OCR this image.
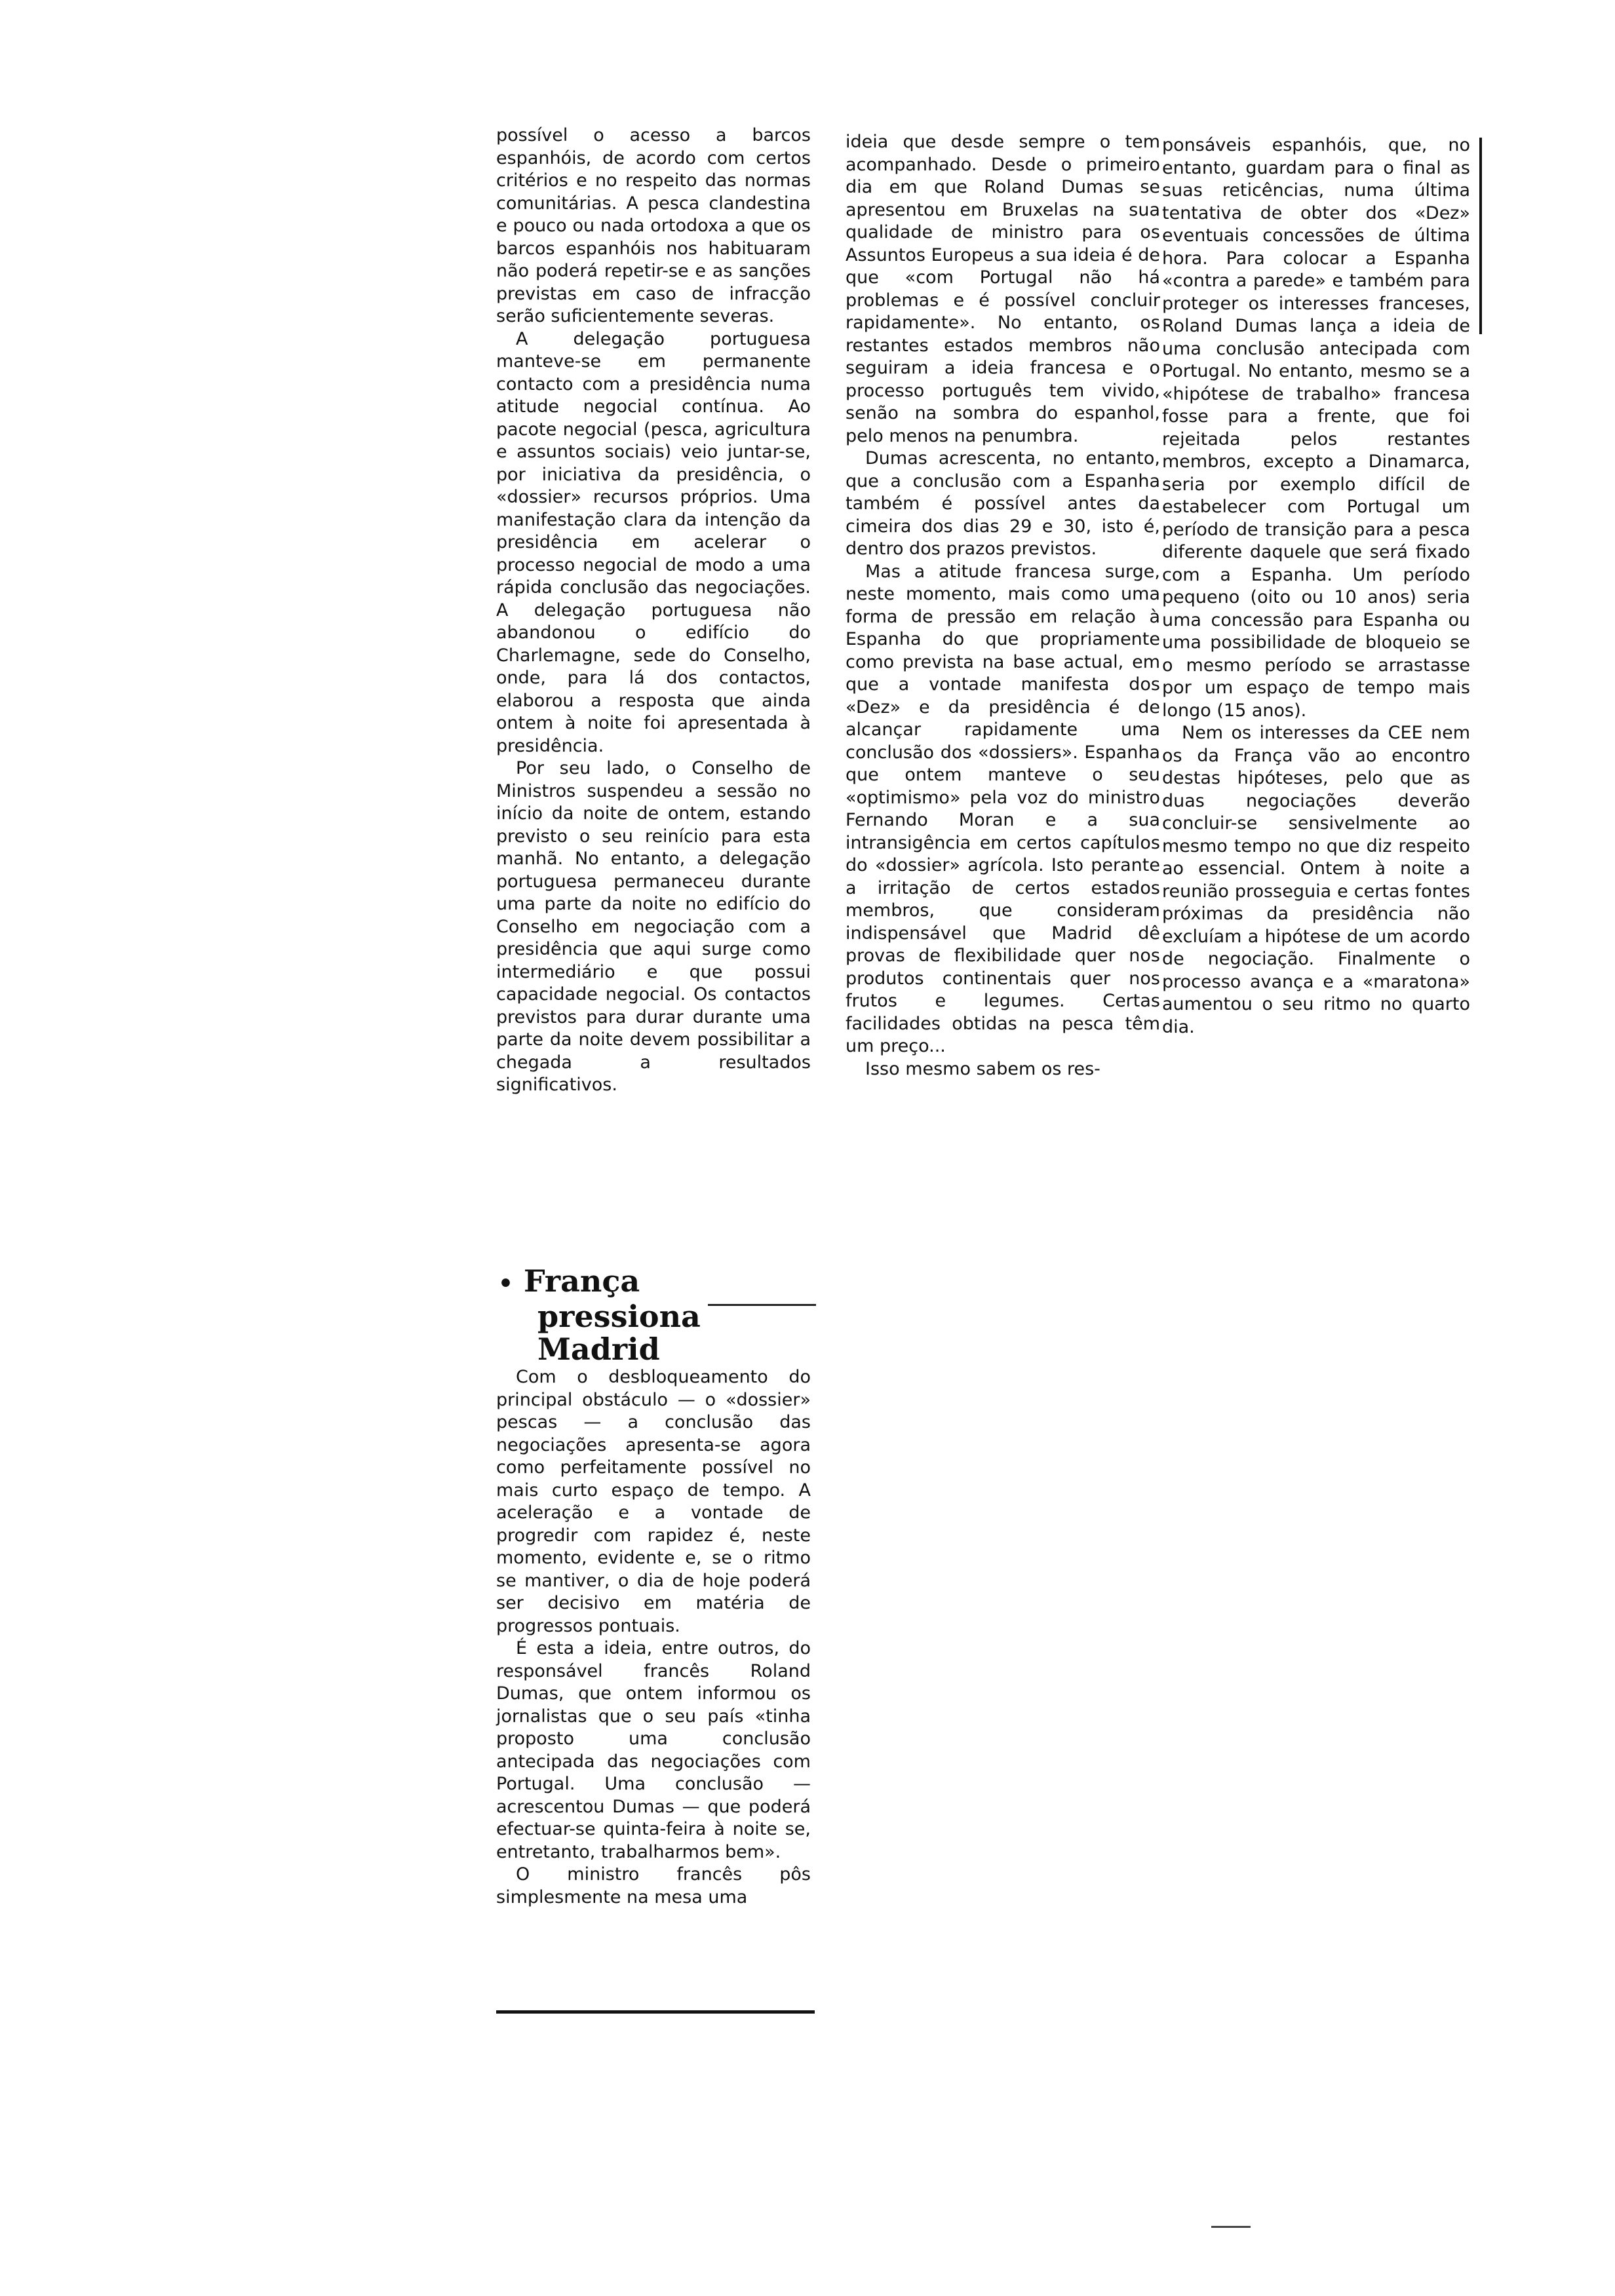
possível o acesso a barcos espanhóis, de acordo com certos critérios e no respeito das normas comunitárias. A pesca clandestina e pouco ou nada ortodoxa a que os barcos espanhóis nos habituaram não poderá repetir-se e as sanções previstas em caso de infracção serão suficientemente severas.

A delegação portuguesa manteve-se em permanente contacto com a presidência numa atitude negocial contínua. Ao pacote negocial (pesca, agricultura e assuntos sociais) veio juntar-se, por iniciativa da presidência, o «dossier» recursos próprios. Uma manifestação clara da intenção da presidência em acelerar o processo negocial de modo a uma rápida conclusão das negociações. A delegação portuguesa não abandonou o edifício do Charlemagne, sede do Conselho, onde, para lá dos contactos, elaborou a resposta que ainda ontem à noite foi apresentada à presidência.

Por seu lado, o Conselho de Ministros suspendeu a sessão no início da noite de ontem, estando previsto o seu reinício para esta manhã. No entanto, a delegação portuguesa permaneceu durante uma parte da noite no edifício do Conselho em negociação com a presidência que aqui surge como intermediário e que possui capacidade negocial. Os contactos previstos para durar durante uma parte da noite devem possibilitar a chegada a resultados significativos.

• França
pressiona
Madrid

Com o desbloqueamento do principal obstáculo — o «dossier» pescas — a conclusão das negociações apresenta-se agora como perfeitamente possível no mais curto espaço de tempo. A aceleração e a vontade de progredir com rapidez é, neste momento, evidente e, se o ritmo se mantiver, o dia de hoje poderá ser decisivo em matéria de progressos pontuais.

É esta a ideia, entre outros, do responsável francês Roland Dumas, que ontem informou os jornalistas que o seu país «tinha proposto uma conclusão antecipada das negociações com Portugal. Uma conclusão — acrescentou Dumas — que poderá efectuar-se quinta-feira à noite se, entretanto, trabalharmos bem».

O ministro francês pôs simplesmente na mesa uma

ideia que desde sempre o tem acompanhado. Desde o primeiro dia em que Roland Dumas se apresentou em Bruxelas na sua qualidade de ministro para os Assuntos Europeus a sua ideia é de que «com Portugal não há problemas e é possível concluir rapidamente». No entanto, os restantes estados membros não seguiram a ideia francesa e o processo português tem vivido, senão na sombra do espanhol, pelo menos na penumbra.

Dumas acrescenta, no entanto, que a conclusão com a Espanha também é possível antes da cimeira dos dias 29 e 30, isto é, dentro dos prazos previstos.

Mas a atitude francesa surge, neste momento, mais como uma forma de pressão em relação à Espanha do que propriamente como prevista na base actual, em que a vontade manifesta dos «Dez» e da presidência é de alcançar rapidamente uma conclusão dos «dossiers». Espanha que ontem manteve o seu «optimismo» pela voz do ministro Fernando Moran e a sua intransigência em certos capítulos do «dossier» agrícola. Isto perante a irritação de certos estados membros, que consideram indispensável que Madrid dê provas de flexibilidade quer nos produtos continentais quer nos frutos e legumes. Certas facilidades obtidas na pesca têm um preço...

Isso mesmo sabem os res-

ponsáveis espanhóis, que, no entanto, guardam para o final as suas reticências, numa última tentativa de obter dos «Dez» eventuais concessões de última hora. Para colocar a Espanha «contra a parede» e também para proteger os interesses franceses, Roland Dumas lança a ideia de uma conclusão antecipada com Portugal. No entanto, mesmo se a «hipótese de trabalho» francesa fosse para a frente, que foi rejeitada pelos restantes membros, excepto a Dinamarca, seria por exemplo difícil de estabelecer com Portugal um período de transição para a pesca diferente daquele que será fixado com a Espanha. Um período pequeno (oito ou 10 anos) seria uma concessão para Espanha ou uma possibilidade de bloqueio se o mesmo período se arrastasse por um espaço de tempo mais longo (15 anos).

Nem os interesses da CEE nem os da França vão ao encontro destas hipóteses, pelo que as duas negociações deverão concluir-se sensivelmente ao mesmo tempo no que diz respeito ao essencial. Ontem à noite a reunião prosseguia e certas fontes próximas da presidência não excluíam a hipótese de um acordo de negociação. Finalmente o processo avança e a «maratona» aumentou o seu ritmo no quarto dia.
